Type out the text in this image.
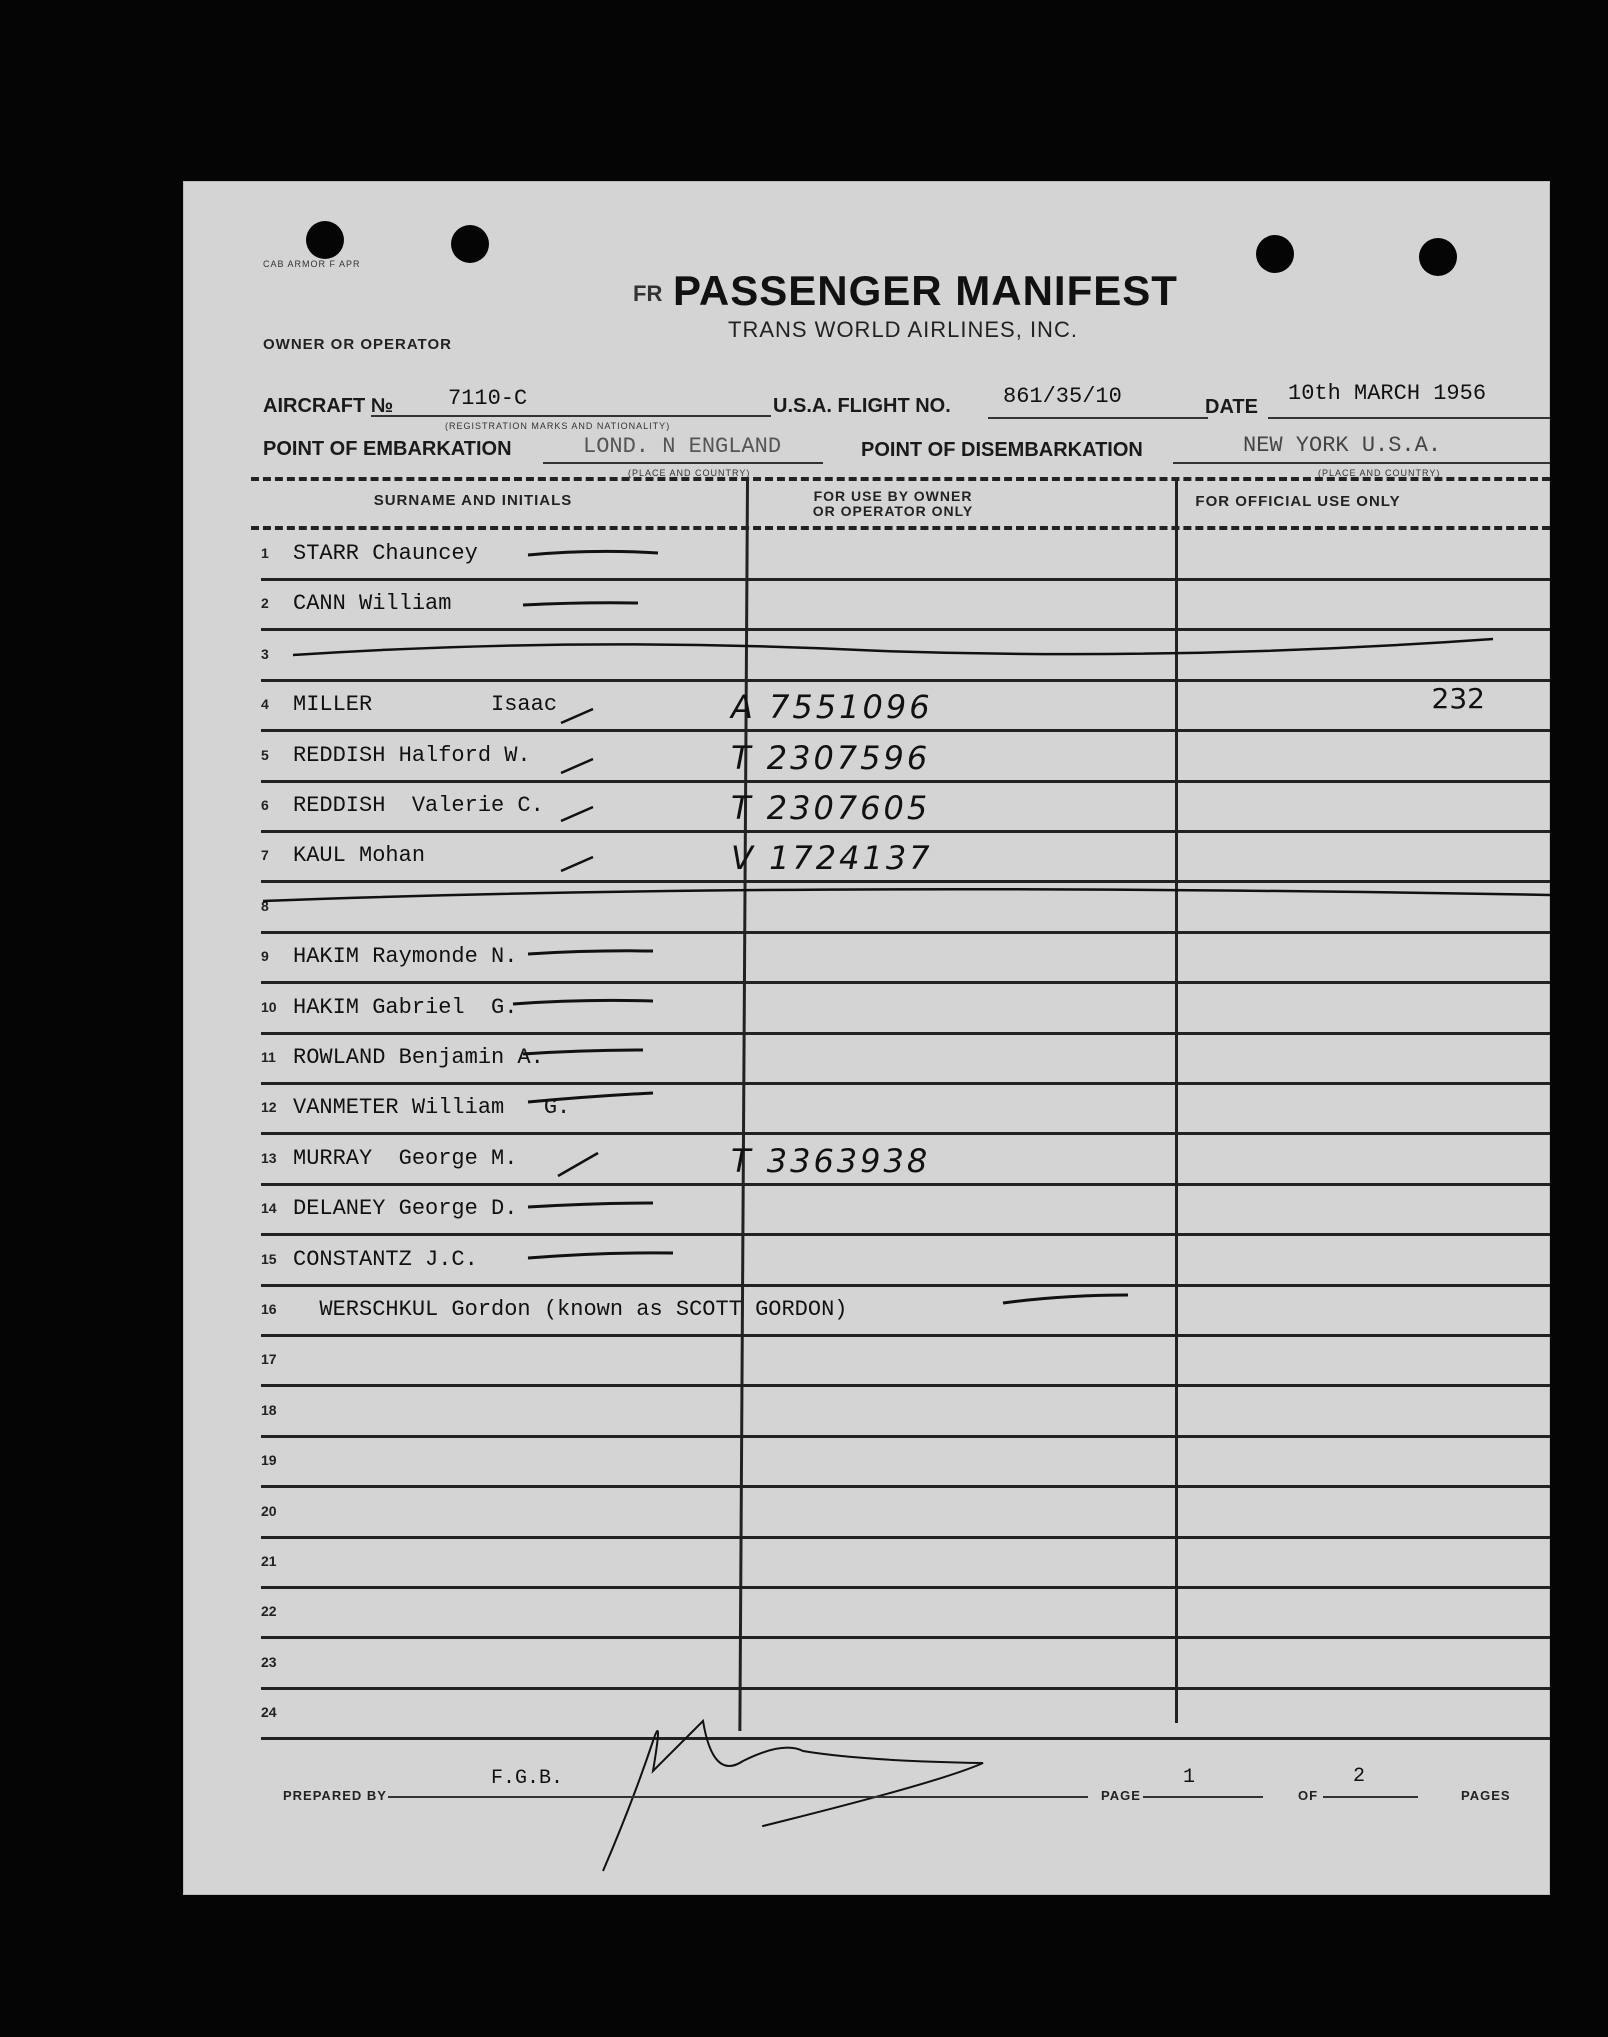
CAB ARMOR F APR
FR PASSENGER MANIFEST
TRANS WORLD AIRLINES, INC.
OWNER OR OPERATOR
AIRCRAFT № 7110-C
(REGISTRATION MARKS AND NATIONALITY)
U.S.A. FLIGHT NO. 861/35/10	DATE
10th MARCH 1956
POINT OF EMBARKATION	LOND. N ENGLAND
(PLACE AND COUNTRY)
POINT OF DISEMBARKATION	NEW YORK U.S.A.
(PLACE AND COUNTRY)
SURNAME AND INITIALS	FOR USE BY OWNER
OR OPERATOR ONLY
FOR OFFICIAL USE ONLY
1	STARR Chauncey
2	CANN William
3
4	MILLER         Isaac	A 7551096	232
5	REDDISH Halford W.	T 2307596
6	REDDISH  Valerie C.	T 2307605
7	KAUL Mohan	V 1724137
8
9	HAKIM Raymonde N.
10 HAKIM Gabriel  G.
11 ROWLAND Benjamin A.
12 VANMETER William   G.
13 MURRAY  George M.	T 3363938
14 DELANEY George D.
15 CONSTANTZ J.C.
16 WERSCHKUL Gordon (known as SCOTT GORDON)
17
18
19
20
21
22
23
24
PREPARED BY
F.G.B.
PAGE
1
OF
2
PAGES
